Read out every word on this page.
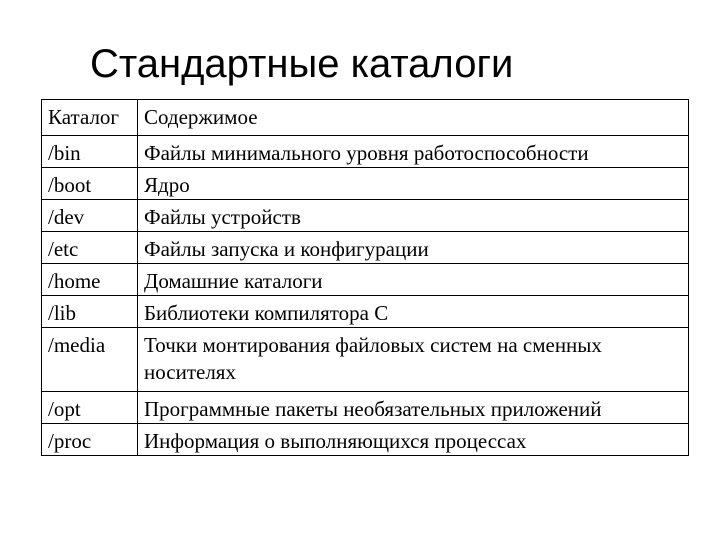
Стандартные каталоги
Каталог	Содержимое
/bin	Файлы минимального уровня работоспособности
/boot	Ядро
/dev	Файлы устройств
/etc	Файлы запуска и конфигурации
/home	Домашние каталоги
/lib	Библиотеки компилятора С
/media	Точки монтирования файловых систем на сменных носителях
/opt	Программные пакеты необязательных приложений
/proc	Информация о выполняющихся процессах
